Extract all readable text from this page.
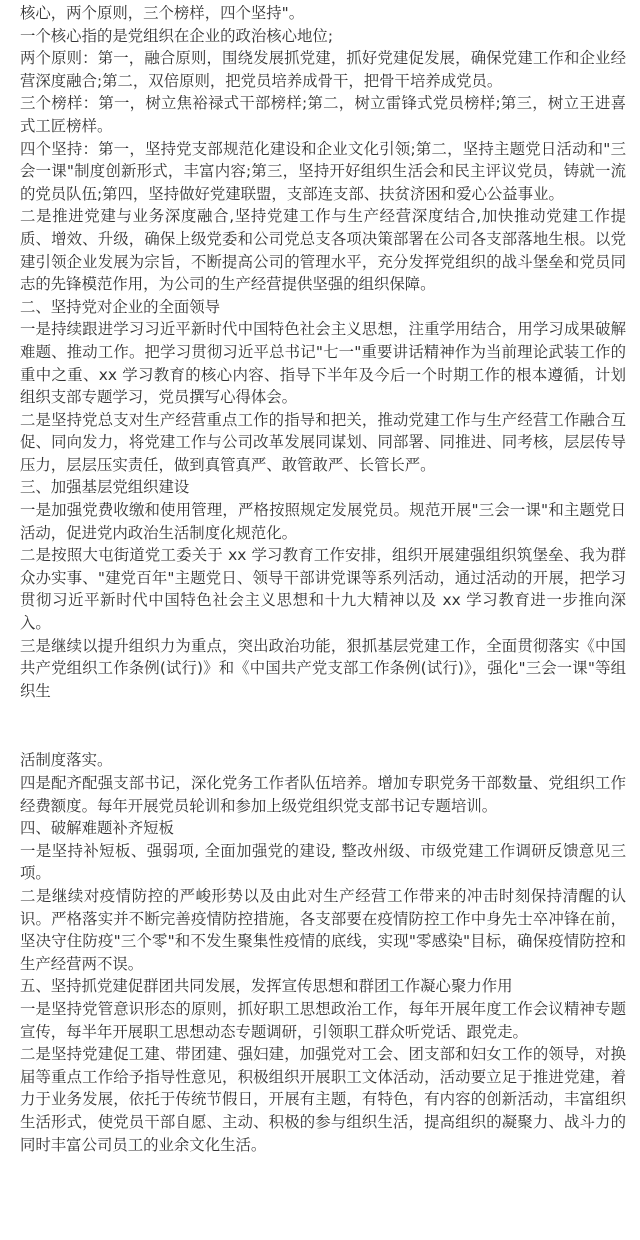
核心，两个原则，三个榜样，四个坚持"。
一个核心指的是党组织在企业的政治核心地位;
两个原则：第一，融合原则，围绕发展抓党建，抓好党建促发展，确保党建工作和企业经营深度融合;第二，双倍原则，把党员培养成骨干，把骨干培养成党员。
三个榜样：第一，树立焦裕禄式干部榜样;第二，树立雷锋式党员榜样;第三，树立王进喜式工匠榜样。
四个坚持：第一，坚持党支部规范化建设和企业文化引领;第二，坚持主题党日活动和"三会一课"制度创新形式，丰富内容;第三，坚持开好组织生活会和民主评议党员，铸就一流的党员队伍;第四，坚持做好党建联盟，支部连支部、扶贫济困和爱心公益事业。
二是推进党建与业务深度融合,坚持党建工作与生产经营深度结合,加快推动党建工作提质、增效、升级，确保上级党委和公司党总支各项决策部署在公司各支部落地生根。以党建引领企业发展为宗旨，不断提高公司的管理水平，充分发挥党组织的战斗堡垒和党员同志的先锋模范作用，为公司的生产经营提供坚强的组织保障。
二、坚持党对企业的全面领导
一是持续跟进学习习近平新时代中国特色社会主义思想，注重学用结合，用学习成果破解难题、推动工作。把学习贯彻习近平总书记"七一"重要讲话精神作为当前理论武装工作的重中之重、xx 学习教育的核心内容、指导下半年及今后一个时期工作的根本遵循，计划组织支部专题学习，党员撰写心得体会。
二是坚持党总支对生产经营重点工作的指导和把关，推动党建工作与生产经营工作融合互促、同向发力，将党建工作与公司改革发展同谋划、同部署、同推进、同考核，层层传导压力，层层压实责任，做到真管真严、敢管敢严、长管长严。
三、加强基层党组织建设
一是加强党费收缴和使用管理，严格按照规定发展党员。规范开展"三会一课"和主题党日活动，促进党内政治生活制度化规范化。
二是按照大屯街道党工委关于 xx 学习教育工作安排，组织开展建强组织筑堡垒、我为群众办实事、"建党百年"主题党日、领导干部讲党课等系列活动，通过活动的开展，把学习贯彻习近平新时代中国特色社会主义思想和十九大精神以及 xx 学习教育进一步推向深入。
三是继续以提升组织力为重点，突出政治功能，狠抓基层党建工作，全面贯彻落实《中国共产党组织工作条例(试行)》和《中国共产党支部工作条例(试行)》，强化"三会一课"等组织生
活制度落实。
四是配齐配强支部书记，深化党务工作者队伍培养。增加专职党务干部数量、党组织工作经费额度。每年开展党员轮训和参加上级党组织党支部书记专题培训。
四、破解难题补齐短板
一是坚持补短板、强弱项, 全面加强党的建设, 整改州级、市级党建工作调研反馈意见三项。
二是继续对疫情防控的严峻形势以及由此对生产经营工作带来的冲击时刻保持清醒的认识。严格落实并不断完善疫情防控措施，各支部要在疫情防控工作中身先士卒冲锋在前，坚决守住防疫"三个零"和不发生聚集性疫情的底线，实现"零感染"目标，确保疫情防控和生产经营两不误。
五、坚持抓党建促群团共同发展，发挥宣传思想和群团工作凝心聚力作用
一是坚持党管意识形态的原则，抓好职工思想政治工作，每年开展年度工作会议精神专题宣传，每半年开展职工思想动态专题调研，引领职工群众听党话、跟党走。
二是坚持党建促工建、带团建、强妇建，加强党对工会、团支部和妇女工作的领导，对换届等重点工作给予指导性意见，积极组织开展职工文体活动，活动要立足于推进党建，着力于业务发展，依托于传统节假日，开展有主题，有特色，有内容的创新活动，丰富组织生活形式，使党员干部自愿、主动、积极的参与组织生活，提高组织的凝聚力、战斗力的同时丰富公司员工的业余文化生活。
